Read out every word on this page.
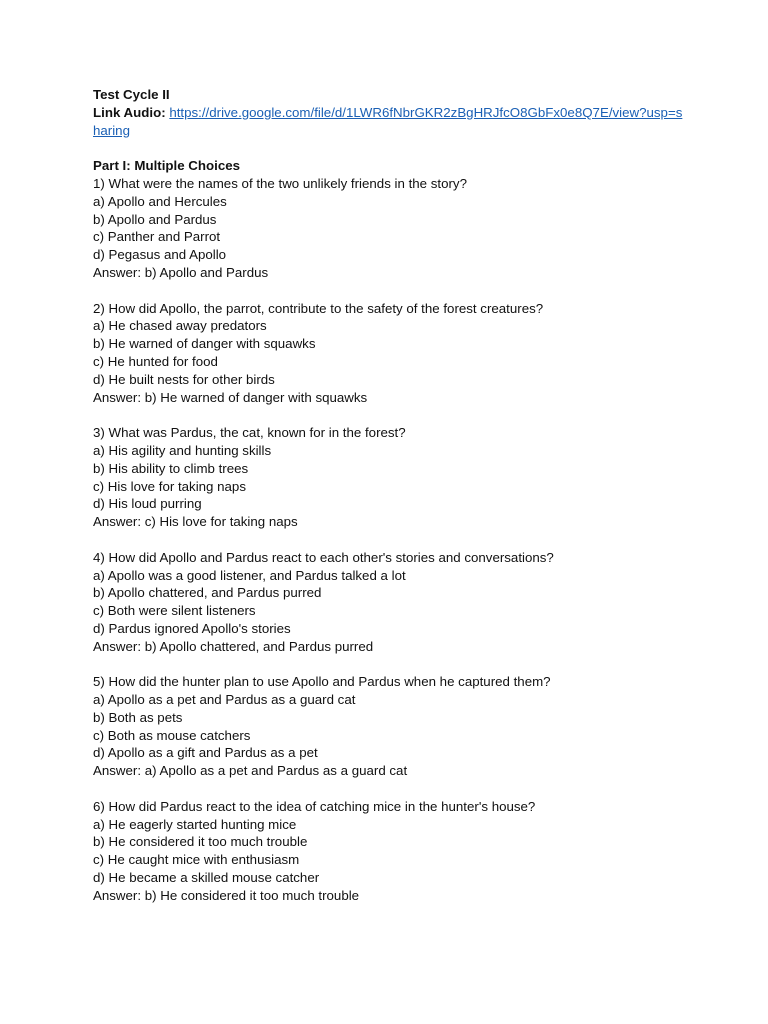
Test Cycle II
Link Audio: https://drive.google.com/file/d/1LWR6fNbrGKR2zBgHRJfcO8GbFx0e8Q7E/view?usp=sharing
Part I: Multiple Choices
1) What were the names of the two unlikely friends in the story?
a) Apollo and Hercules
b) Apollo and Pardus
c) Panther and Parrot
d) Pegasus and Apollo
Answer: b) Apollo and Pardus
2) How did Apollo, the parrot, contribute to the safety of the forest creatures?
a) He chased away predators
b) He warned of danger with squawks
c) He hunted for food
d) He built nests for other birds
Answer: b) He warned of danger with squawks
3) What was Pardus, the cat, known for in the forest?
a) His agility and hunting skills
b) His ability to climb trees
c) His love for taking naps
d) His loud purring
Answer: c) His love for taking naps
4) How did Apollo and Pardus react to each other's stories and conversations?
a) Apollo was a good listener, and Pardus talked a lot
b) Apollo chattered, and Pardus purred
c) Both were silent listeners
d) Pardus ignored Apollo's stories
Answer: b) Apollo chattered, and Pardus purred
5) How did the hunter plan to use Apollo and Pardus when he captured them?
a) Apollo as a pet and Pardus as a guard cat
b) Both as pets
c) Both as mouse catchers
d) Apollo as a gift and Pardus as a pet
Answer: a) Apollo as a pet and Pardus as a guard cat
6) How did Pardus react to the idea of catching mice in the hunter's house?
a) He eagerly started hunting mice
b) He considered it too much trouble
c) He caught mice with enthusiasm
d) He became a skilled mouse catcher
Answer: b) He considered it too much trouble
